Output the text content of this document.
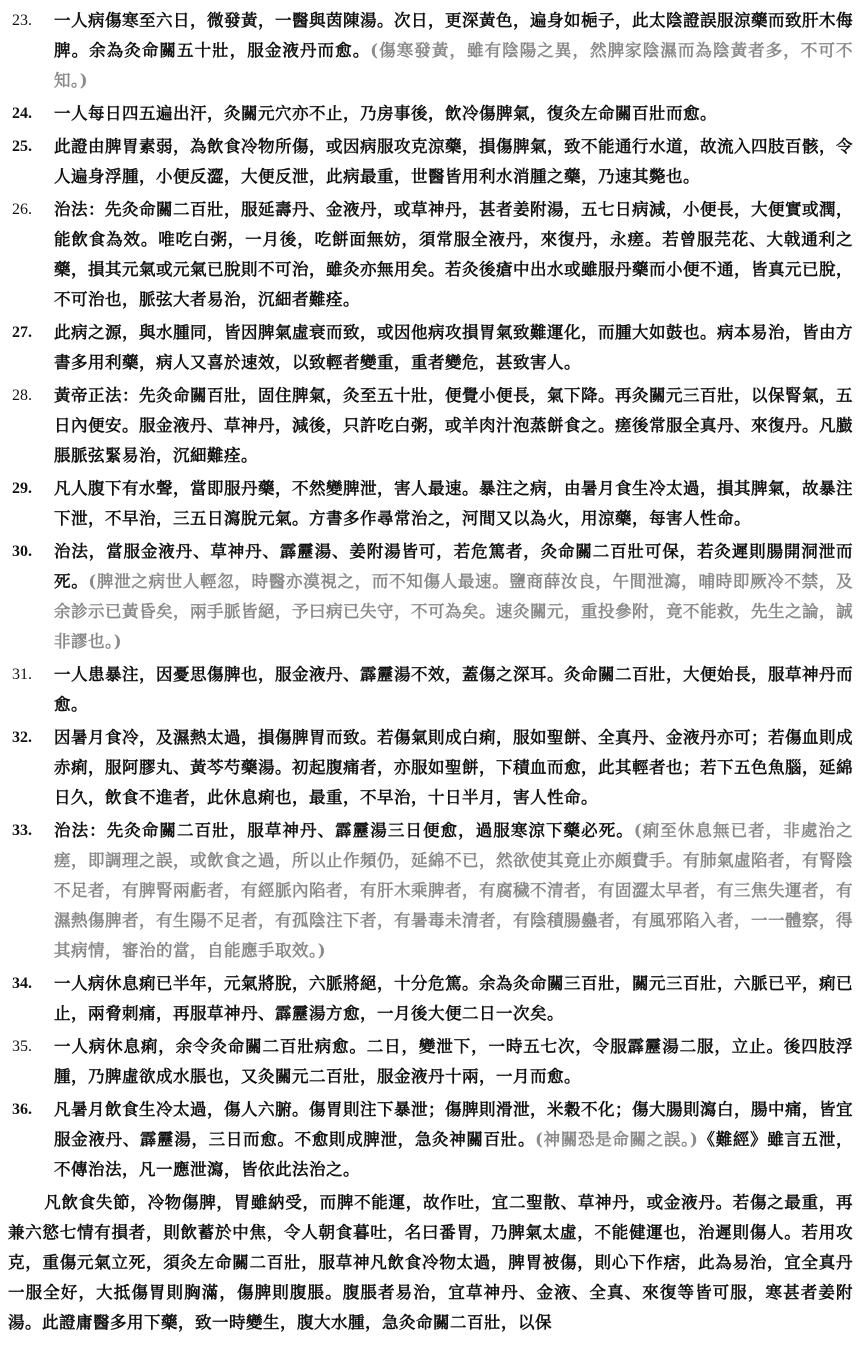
23.	一人病傷寒至六日，微發黃，一醫與茵陳湯。次日，更深黃色，遍身如梔子，此太陰證誤服涼藥而致肝木侮脾。余為灸命關五十壯，服金液丹而愈。(傷寒發黃，雖有陰陽之異，然脾家陰濕而為陰黃者多，不可不知。)
24.	一人每日四五遍出汗，灸關元穴亦不止，乃房事後，飲冷傷脾氣，復灸左命關百壯而愈。
25.	此證由脾胃素弱，為飲食冷物所傷，或因病服攻克涼藥，損傷脾氣，致不能通行水道，故流入四肢百骸，令人遍身浮腫，小便反澀，大便反泄，此病最重，世醫皆用利水消腫之藥，乃速其斃也。
26.	治法：先灸命關二百壯，服延壽丹、金液丹，或草神丹，甚者姜附湯，五七日病減，小便長，大便實或潤，能飲食為效。唯吃白粥，一月後，吃餅面無妨，須常服全液丹，來復丹，永瘥。若曾服芫花、大戟通利之藥，損其元氣或元氣已脫則不可治，雖灸亦無用矣。若灸後瘡中出水或雖服丹藥而小便不通，皆真元已脫，不可治也，脈弦大者易治，沉細者難痊。
27.	此病之源，與水腫同，皆因脾氣虛衰而致，或因他病攻損胃氣致難運化，而腫大如鼓也。病本易治，皆由方書多用利藥，病人又喜於速效，以致輕者變重，重者變危，甚致害人。
28.	黃帝正法：先灸命關百壯，固住脾氣，灸至五十壯，便覺小便長，氣下降。再灸關元三百壯，以保腎氣，五日內便安。服金液丹、草神丹，減後，只許吃白粥，或羊肉汁泡蒸餅食之。瘥後常服全真丹、來復丹。凡臌脹脈弦緊易治，沉細難痊。
29.	凡人腹下有水聲，當即服丹藥，不然變脾泄，害人最速。暴注之病，由暑月食生冷太過，損其脾氣，故暴注下泄，不早治，三五日瀉脫元氣。方書多作尋常治之，河間又以為火，用涼藥，每害人性命。
30.	治法，當服金液丹、草神丹、霹靂湯、姜附湯皆可，若危篤者，灸命關二百壯可保，若灸遲則腸開洞泄而死。(脾泄之病世人輕忽，時醫亦漠視之，而不知傷人最速。鹽商薛汝良，午間泄瀉，晡時即厥冷不禁，及余診示已黃昏矣，兩手脈皆絕，予曰病已失守，不可為矣。速灸關元，重投參附，竟不能救，先生之論，誠非謬也。)
31.	一人患暴注，因憂思傷脾也，服金液丹、霹靂湯不效，蓋傷之深耳。灸命關二百壯，大便始長，服草神丹而愈。
32.	因暑月食冷，及濕熱太過，損傷脾胃而致。若傷氣則成白痢，服如聖餅、全真丹、金液丹亦可；若傷血則成赤痢，服阿膠丸、黃芩芍藥湯。初起腹痛者，亦服如聖餅，下積血而愈，此其輕者也；若下五色魚腦，延綿日久，飲食不進者，此休息痢也，最重，不早治，十日半月，害人性命。
33.	治法：先灸命關二百壯，服草神丹、霹靂湯三日便愈，過服寒涼下藥必死。(痢至休息無已者，非處治之瘥，即調理之誤，或飲食之過，所以止作頻仍，延綿不已，然欲使其竟止亦頗費手。有肺氣虛陷者，有腎陰不足者，有脾腎兩虧者，有經脈內陷者，有肝木乘脾者，有腐穢不清者，有固澀太早者，有三焦失運者，有濕熱傷脾者，有生陽不足者，有孤陰注下者，有暑毒未清者，有陰積腸蠱者，有風邪陷入者，一一體察，得其病情，審治的當，自能應手取效。)
34.	一人病休息痢已半年，元氣將脫，六脈將絕，十分危篤。余為灸命關三百壯，關元三百壯，六脈已平，痢已止，兩脅刺痛，再服草神丹、霹靂湯方愈，一月後大便二日一次矣。
35.	一人病休息痢，余令灸命關二百壯病愈。二日，變泄下，一時五七次，令服霹靂湯二服，立止。後四肢浮腫，乃脾虛欲成水脹也，又灸關元二百壯，服金液丹十兩，一月而愈。
36.	凡暑月飲食生冷太過，傷人六腑。傷胃則注下暴泄；傷脾則滑泄，米穀不化；傷大腸則瀉白，腸中痛，皆宜服金液丹、霹靂湯，三日而愈。不愈則成脾泄，急灸神關百壯。(神關恐是命關之誤。)《難經》雖言五泄，不傳治法，凡一應泄瀉，皆依此法治之。

凡飲食失節，冷物傷脾，胃雖納受，而脾不能運，故作吐，宜二聖散、草神丹，或金液丹。若傷之最重，再兼六慾七情有損者，則飲蓄於中焦，令人朝食暮吐，名曰番胃，乃脾氣太虛，不能健運也，治遲則傷人。若用攻克，重傷元氣立死，須灸左命關二百壯，服草神凡飲食冷物太過，脾胃被傷，則心下作痞，此為易治，宜全真丹一服全好，大抵傷胃則胸滿，傷脾則腹脹。腹脹者易治，宜草神丹、金液、全真、來復等皆可服，寒甚者姜附湯。此證庸醫多用下藥，致一時變生，腹大水腫，急灸命關二百壯，以保
